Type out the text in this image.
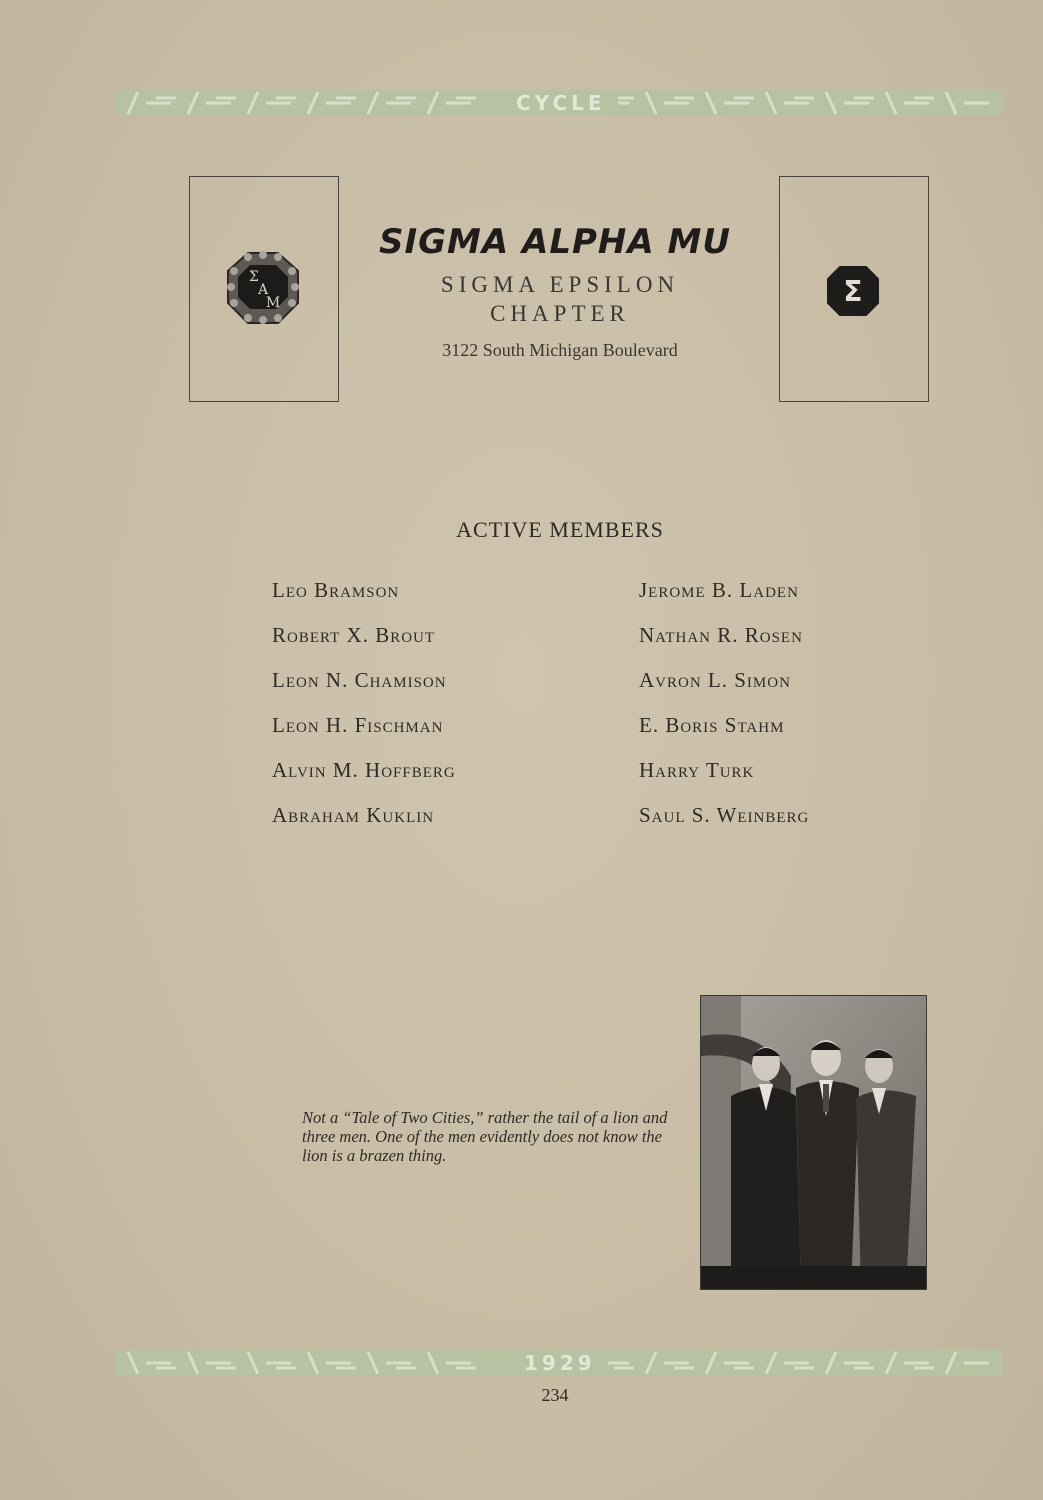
CYCLE
Σ
Α
Μ	Σ
SIGMA ALPHA MU
SIGMA EPSILON
CHAPTER
3122 South Michigan Boulevard
ACTIVE MEMBERS
Leo Bramson
Robert X. Brout
Leon N. Chamison
Leon H. Fischman
Alvin M. Hoffberg
Abraham Kuklin
Jerome B. Laden
Nathan R. Rosen
Avron L. Simon
E. Boris Stahm
Harry Turk
Saul S. Weinberg
Not a “Tale of Two Cities,” rather the tail of a lion and three men. One of the men evidently does not know the lion is a brazen thing.
1929
234
